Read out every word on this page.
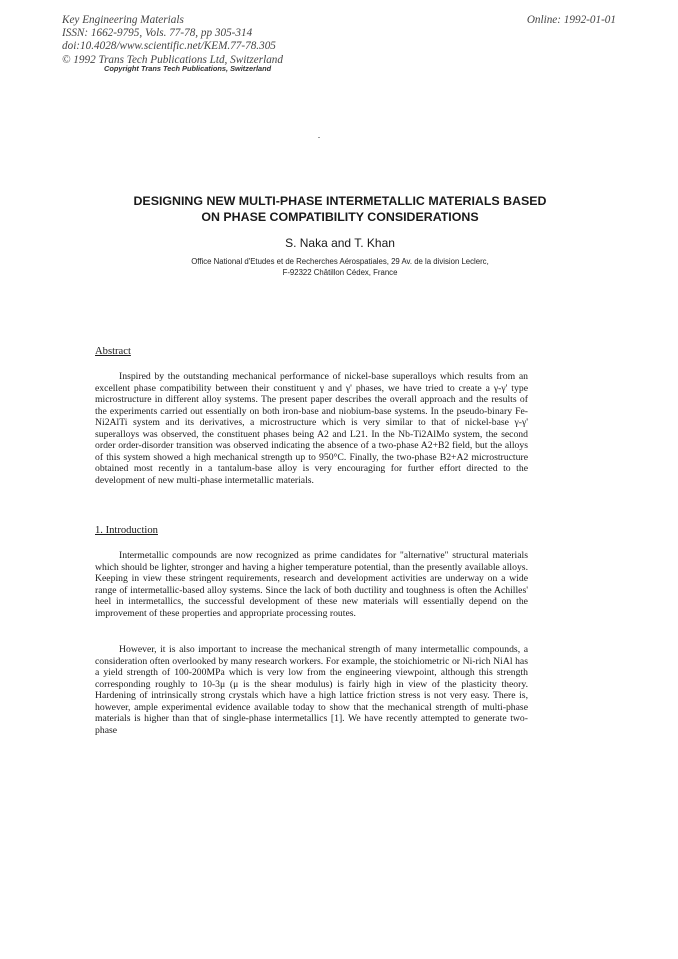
Key Engineering Materials
ISSN: 1662-9795, Vols. 77-78, pp 305-314
doi:10.4028/www.scientific.net/KEM.77-78.305
© 1992 Trans Tech Publications Ltd, Switzerland
Online: 1992-01-01
Copyright Trans Tech Publications, Switzerland
DESIGNING NEW MULTI-PHASE INTERMETALLIC MATERIALS BASED
ON PHASE COMPATIBILITY CONSIDERATIONS
S. Naka and T. Khan
Office National d'Etudes et de Recherches Aérospatiales, 29 Av. de la division Leclerc,
F-92322 Châtillon Cédex, France
Abstract

Inspired by the outstanding mechanical performance of nickel-base superalloys which results from an excellent phase compatibility between their constituent γ and γ' phases, we have tried to create a γ-γ' type microstructure in different alloy systems. The present paper describes the overall approach and the results of the experiments carried out essentially on both iron-base and niobium-base systems. In the pseudo-binary Fe-Ni2AlTi system and its derivatives, a microstructure which is very similar to that of nickel-base γ-γ' superalloys was observed, the constituent phases being A2 and L21. In the Nb-Ti2AlMo system, the second order order-disorder transition was observed indicating the absence of a two-phase A2+B2 field, but the alloys of this system showed a high mechanical strength up to 950°C. Finally, the two-phase B2+A2 microstructure obtained most recently in a tantalum-base alloy is very encouraging for further effort directed to the development of new multi-phase intermetallic materials.

1. Introduction

Intermetallic compounds are now recognized as prime candidates for "alternative" structural materials which should be lighter, stronger and having a higher temperature potential, than the presently available alloys. Keeping in view these stringent requirements, research and development activities are underway on a wide range of intermetallic-based alloy systems. Since the lack of both ductility and toughness is often the Achilles' heel in intermetallics, the successful development of these new materials will essentially depend on the improvement of these properties and appropriate processing routes.

However, it is also important to increase the mechanical strength of many intermetallic compounds, a consideration often overlooked by many research workers. For example, the stoichiometric or Ni-rich NiAl has a yield strength of 100-200MPa which is very low from the engineering viewpoint, although this strength corresponding roughly to 10-3μ (μ is the shear modulus) is fairly high in view of the plasticity theory. Hardening of intrinsically strong crystals which have a high lattice friction stress is not very easy. There is, however, ample experimental evidence available today to show that the mechanical strength of multi-phase materials is higher than that of single-phase intermetallics [1]. We have recently attempted to generate two-phase
